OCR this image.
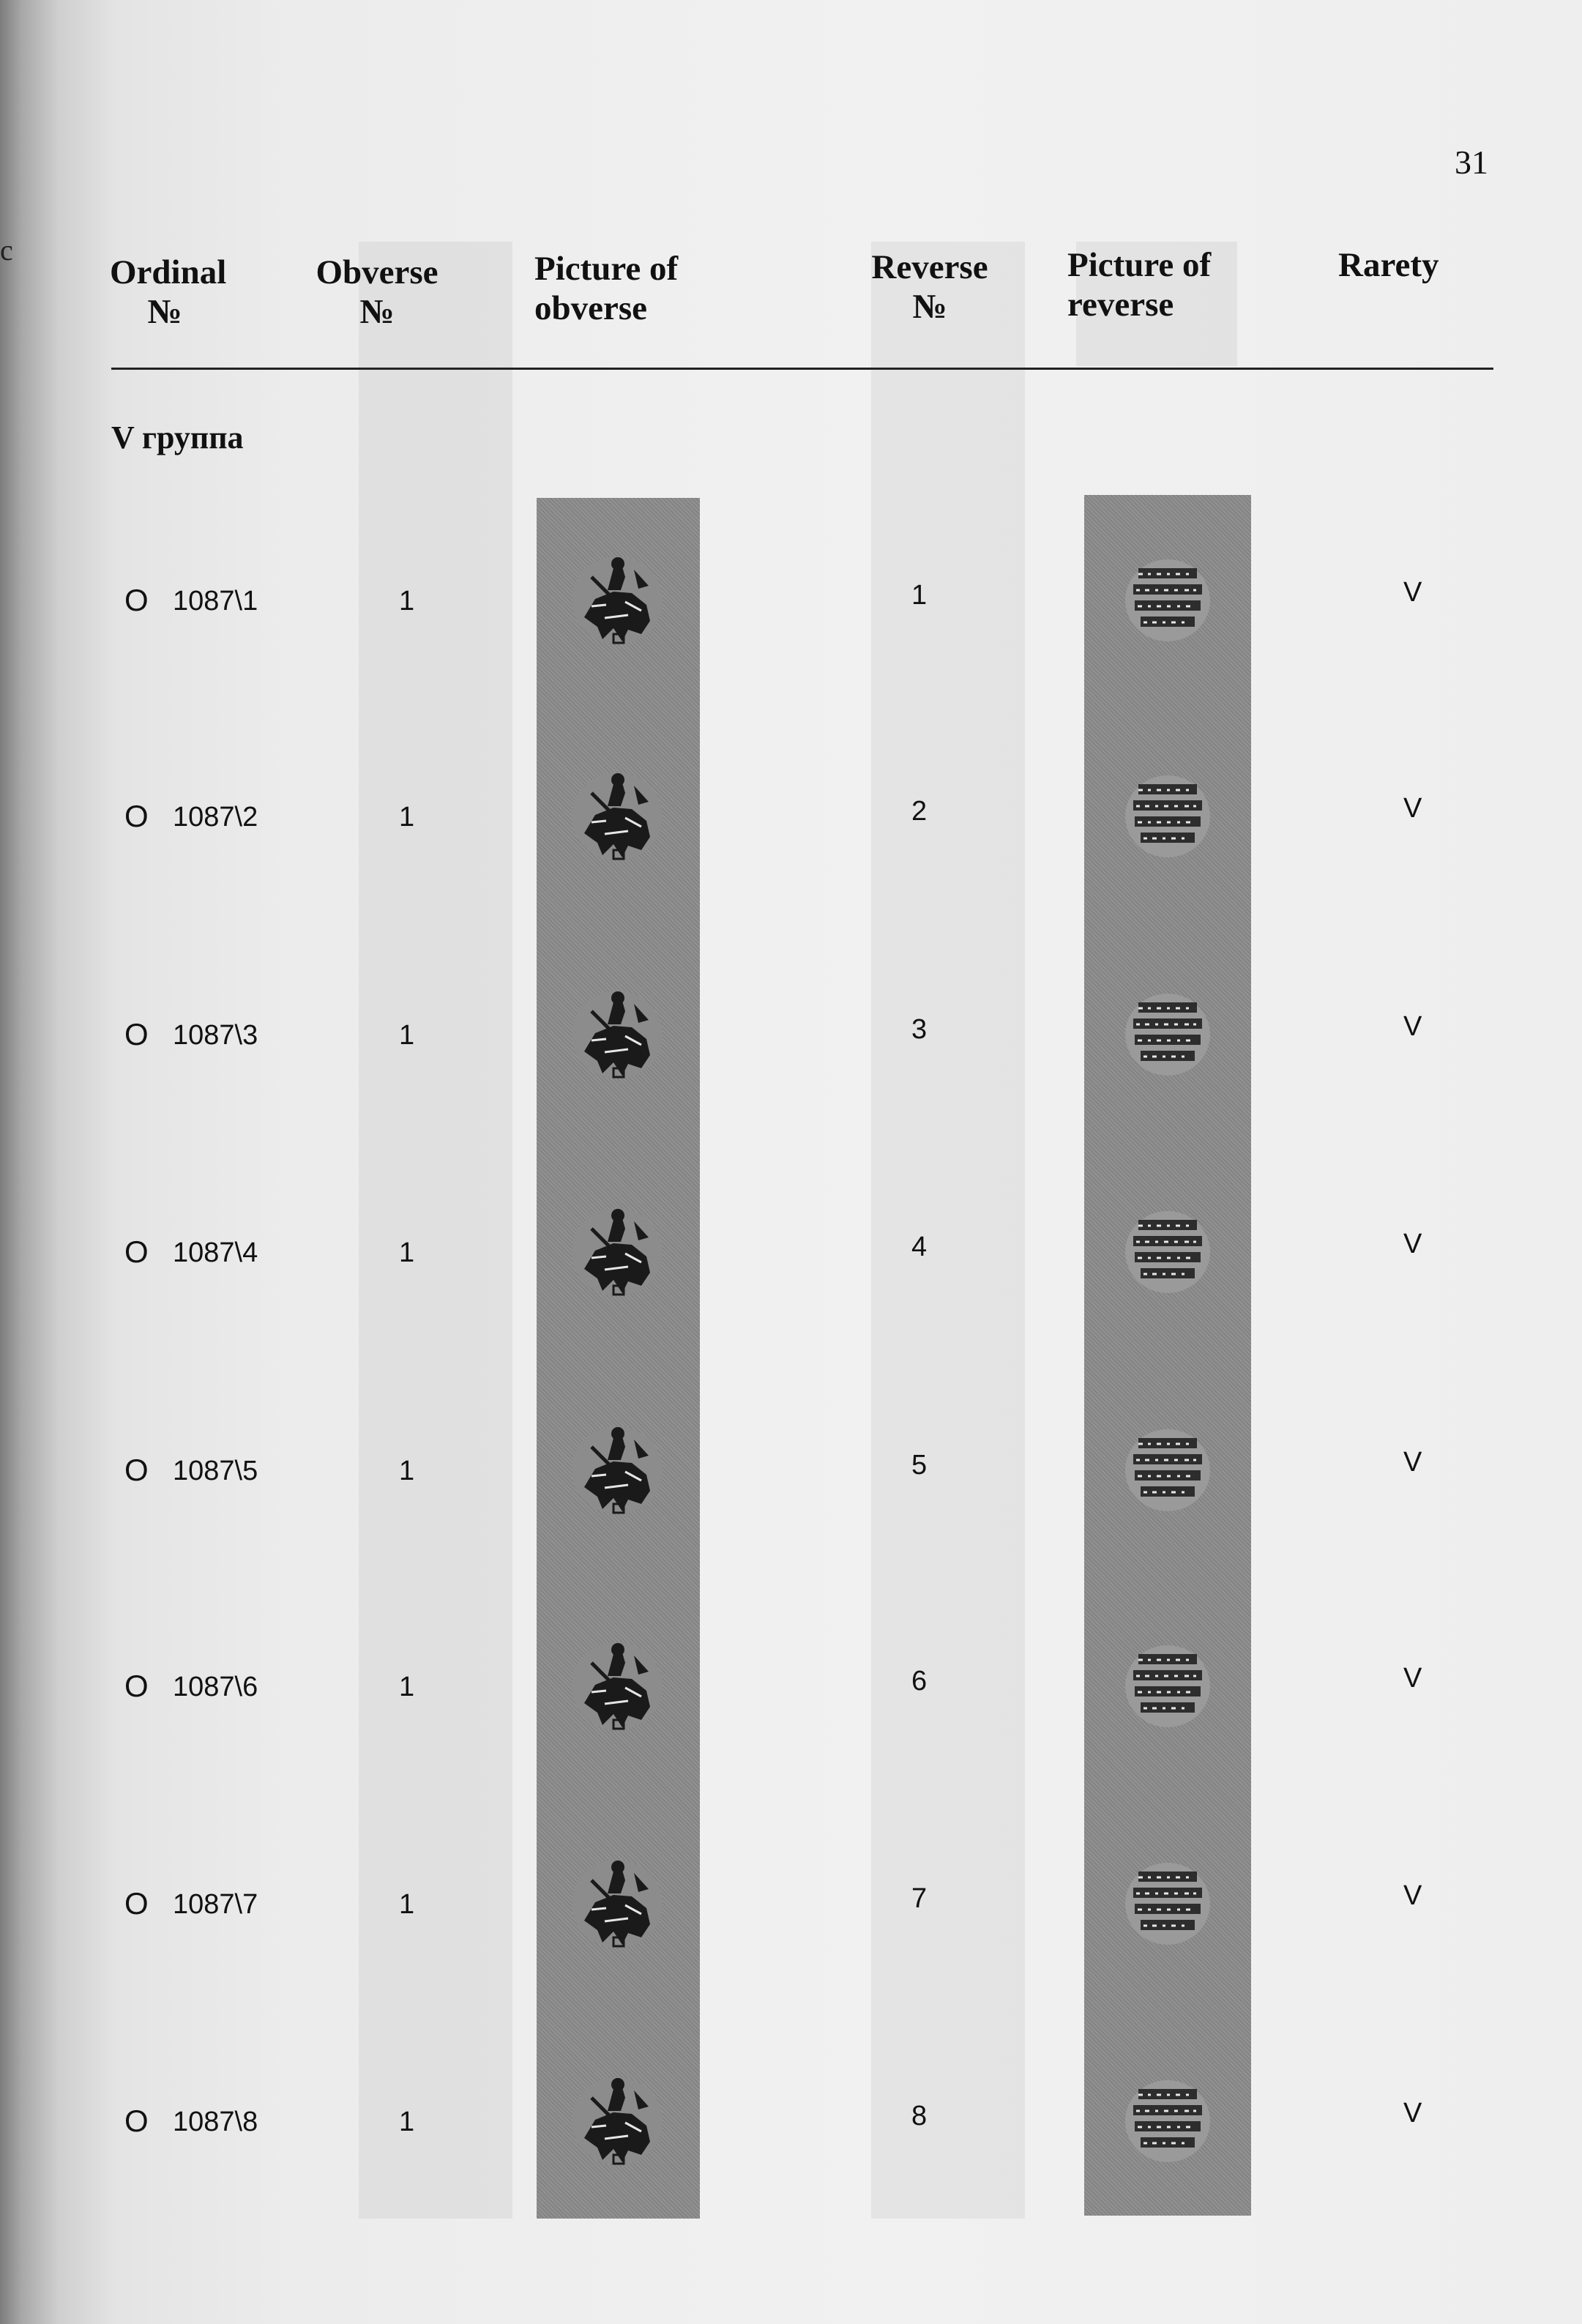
31
c
Ordinal
№
Obverse
№
Picture of
obverse
Reverse
№
Picture of
reverse
Rarety
V группа
O 1087\1	1	1	V
O 1087\2	1	2	V
O 1087\3	1	3	V
O 1087\4	1	4	V
O 1087\5	1	5	V
O 1087\6	1	6	V
O 1087\7	1	7	V
O 1087\8	1	8	V
